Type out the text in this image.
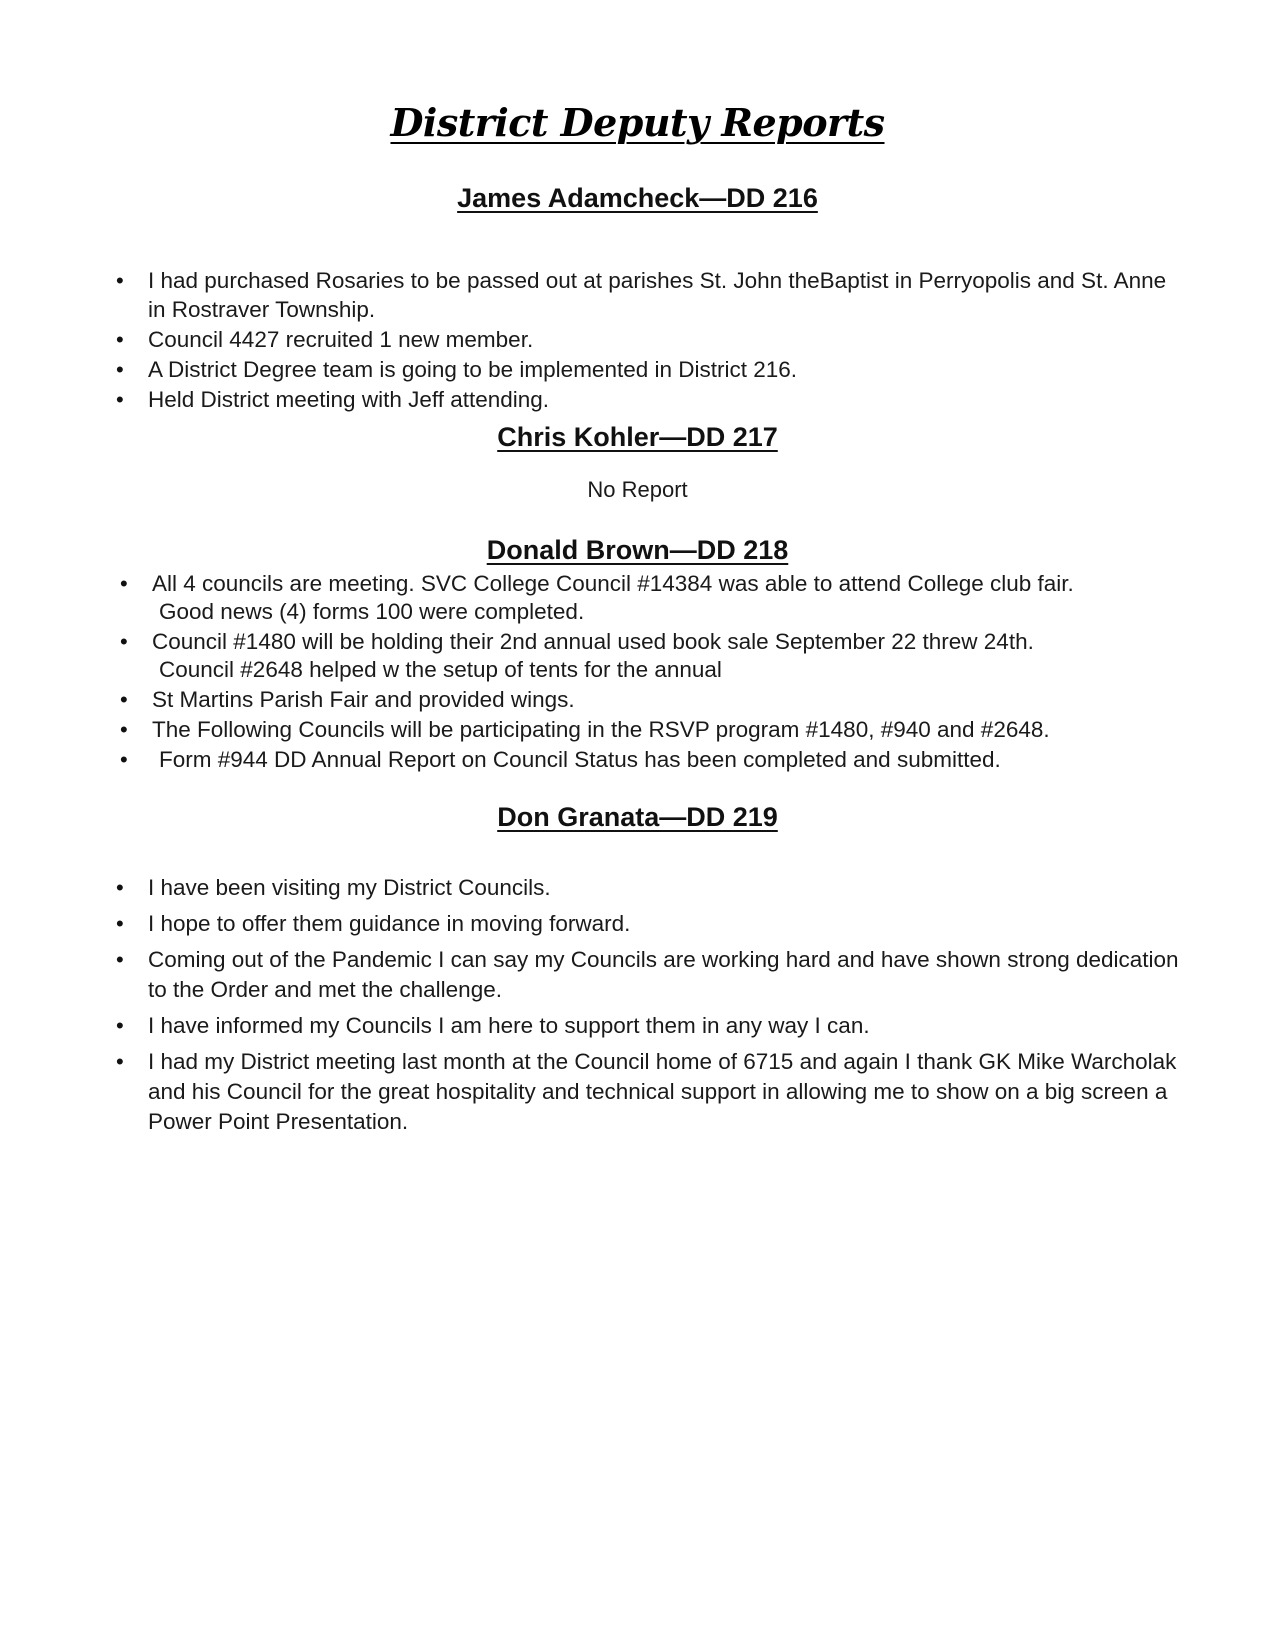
District Deputy Reports
James Adamcheck—DD 216
• I had purchased Rosaries to be passed out at parishes St. John theBaptist in Perryopolis and St. Anne in Rostraver Township.
• Council 4427 recruited 1 new member.
• A District Degree team is going to be implemented in District 216.
• Held District meeting with Jeff attending.
Chris Kohler—DD 217
No Report
Donald Brown—DD 218
• All 4 councils are meeting. SVC College Council #14384 was able to attend College club fair.
Good news (4) forms 100 were completed.
• Council #1480 will be holding their 2nd annual used book sale September 22 threw 24th.
Council #2648 helped w the setup of tents for the annual
• St Martins Parish Fair and provided wings.
• The Following Councils will be participating in the RSVP program #1480, #940 and #2648.
• Form #944 DD Annual Report on Council Status has been completed and submitted.
Don Granata—DD 219
• I have been visiting my District Councils.
• I hope to offer them guidance in moving forward.
• Coming out of the Pandemic I can say my Councils are working hard and have shown strong dedication to the Order and met the challenge.
• I have informed my Councils I am here to support them in any way I can.
• I had my District meeting last month at the Council home of 6715 and again I thank GK Mike Warcholak and his Council for the great hospitality and technical support in allowing me to show on a big screen a Power Point Presentation.
